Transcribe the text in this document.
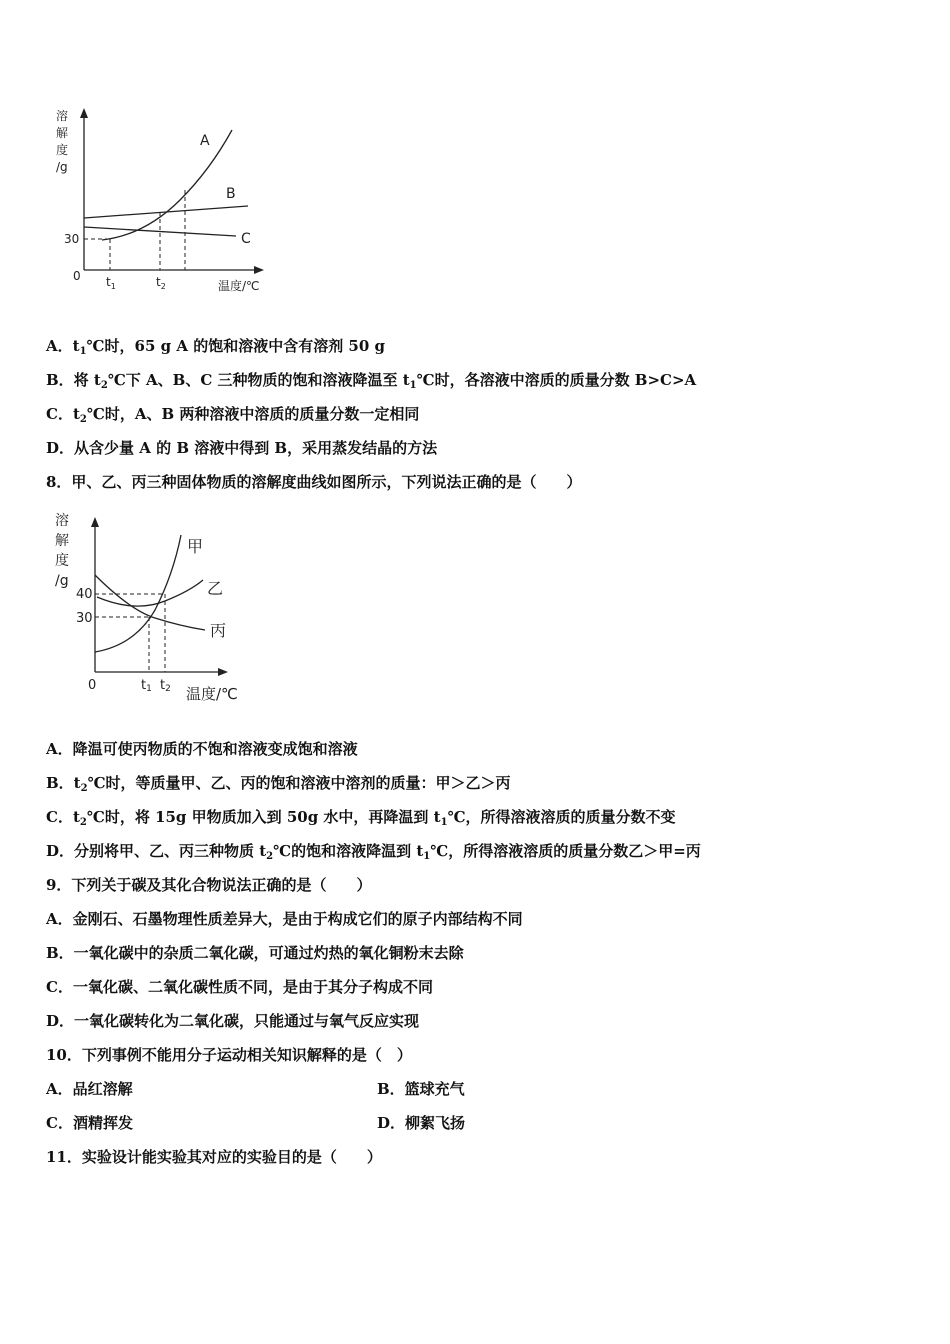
溶
解
度
/g
0
30
A
B
C
$t_1$	$t_2$	温度/℃
A．$t_1℃$时，65 g A 的饱和溶液中含有溶剂 50 g
B．将 $t_2℃$下 A、B、C 三种物质的饱和溶液降温至 $t_1℃$时，各溶液中溶质的质量分数 B>C>A
C．$t_2℃$时，A、B 两种溶液中溶质的质量分数一定相同
D．从含少量 A 的 B 溶液中得到 B，采用蒸发结晶的方法
8．甲、乙、丙三种固体物质的溶解度曲线如图所示，下列说法正确的是（　　）
溶
解
度
/g
0
40
30
甲
乙
丙
t1 t2 温度/℃
A．降温可使丙物质的不饱和溶液变成饱和溶液
B．$t_2℃$时，等质量甲、乙、丙的饱和溶液中溶剂的质量：甲＞乙＞丙
C．$t_2℃$时，将 15g 甲物质加入到 50g 水中，再降温到 $t_1℃$，所得溶液溶质的质量分数不变
D．分别将甲、乙、丙三种物质 $t_2℃$的饱和溶液降温到 $t_1℃$，所得溶液溶质的质量分数乙＞甲=丙
9．下列关于碳及其化合物说法正确的是（　　）
A．金刚石、石墨物理性质差异大，是由于构成它们的原子内部结构不同
B．一氧化碳中的杂质二氧化碳，可通过灼热的氧化铜粉末去除
C．一氧化碳、二氧化碳性质不同，是由于其分子构成不同
D．一氧化碳转化为二氧化碳，只能通过与氧气反应实现
10．下列事例不能用分子运动相关知识解释的是（　）
A．品红溶解	B．篮球充气
C．酒精挥发	D．柳絮飞扬
11．实验设计能实验其对应的实验目的是（　　）
